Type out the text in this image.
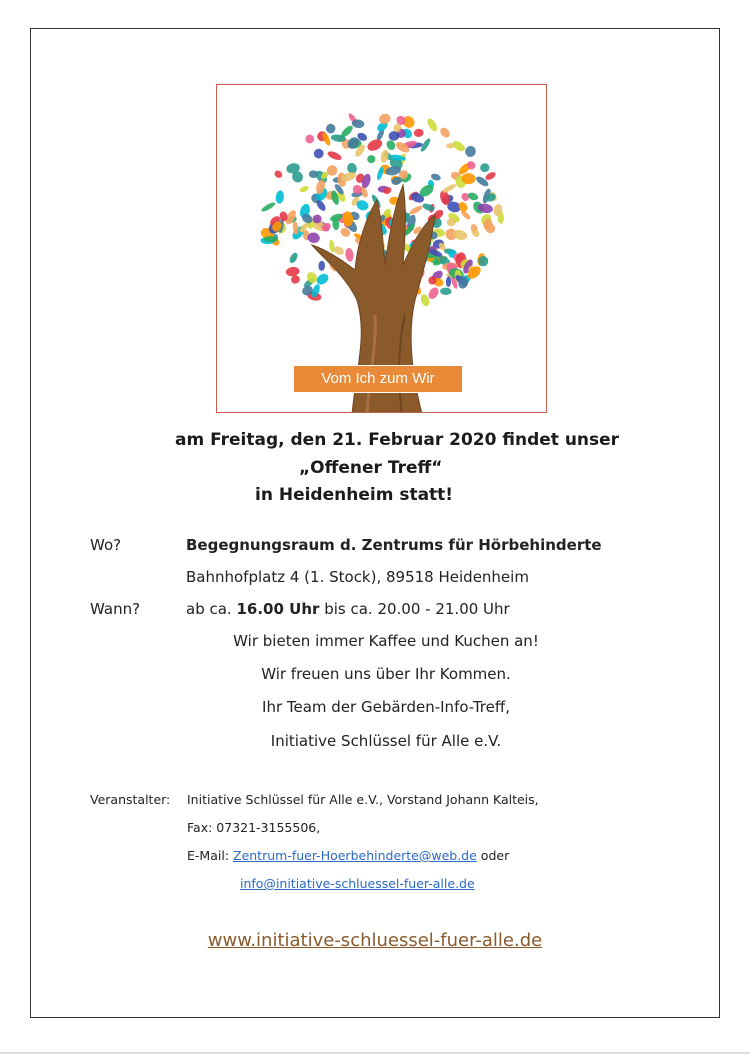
Vom Ich zum Wir
am Freitag, den 21. Februar 2020 findet unser
„Offener Treff“
in Heidenheim statt!
Wo?	Begegnungsraum d. Zentrums für Hörbehinderte
Bahnhofplatz 4 (1. Stock), 89518 Heidenheim
Wann?	ab ca. 16.00 Uhr bis ca. 20.00 - 21.00 Uhr
Wir bieten immer Kaffee und Kuchen an!
Wir freuen uns über Ihr Kommen.
Ihr Team der Gebärden-Info-Treff,
Initiative Schlüssel für Alle e.V.
Veranstalter: Initiative Schlüssel für Alle e.V., Vorstand Johann Kalteis,
Fax: 07321-3155506,
E-Mail: Zentrum-fuer-Hoerbehinderte@web.de oder
info@initiative-schluessel-fuer-alle.de
www.initiative-schluessel-fuer-alle.de
